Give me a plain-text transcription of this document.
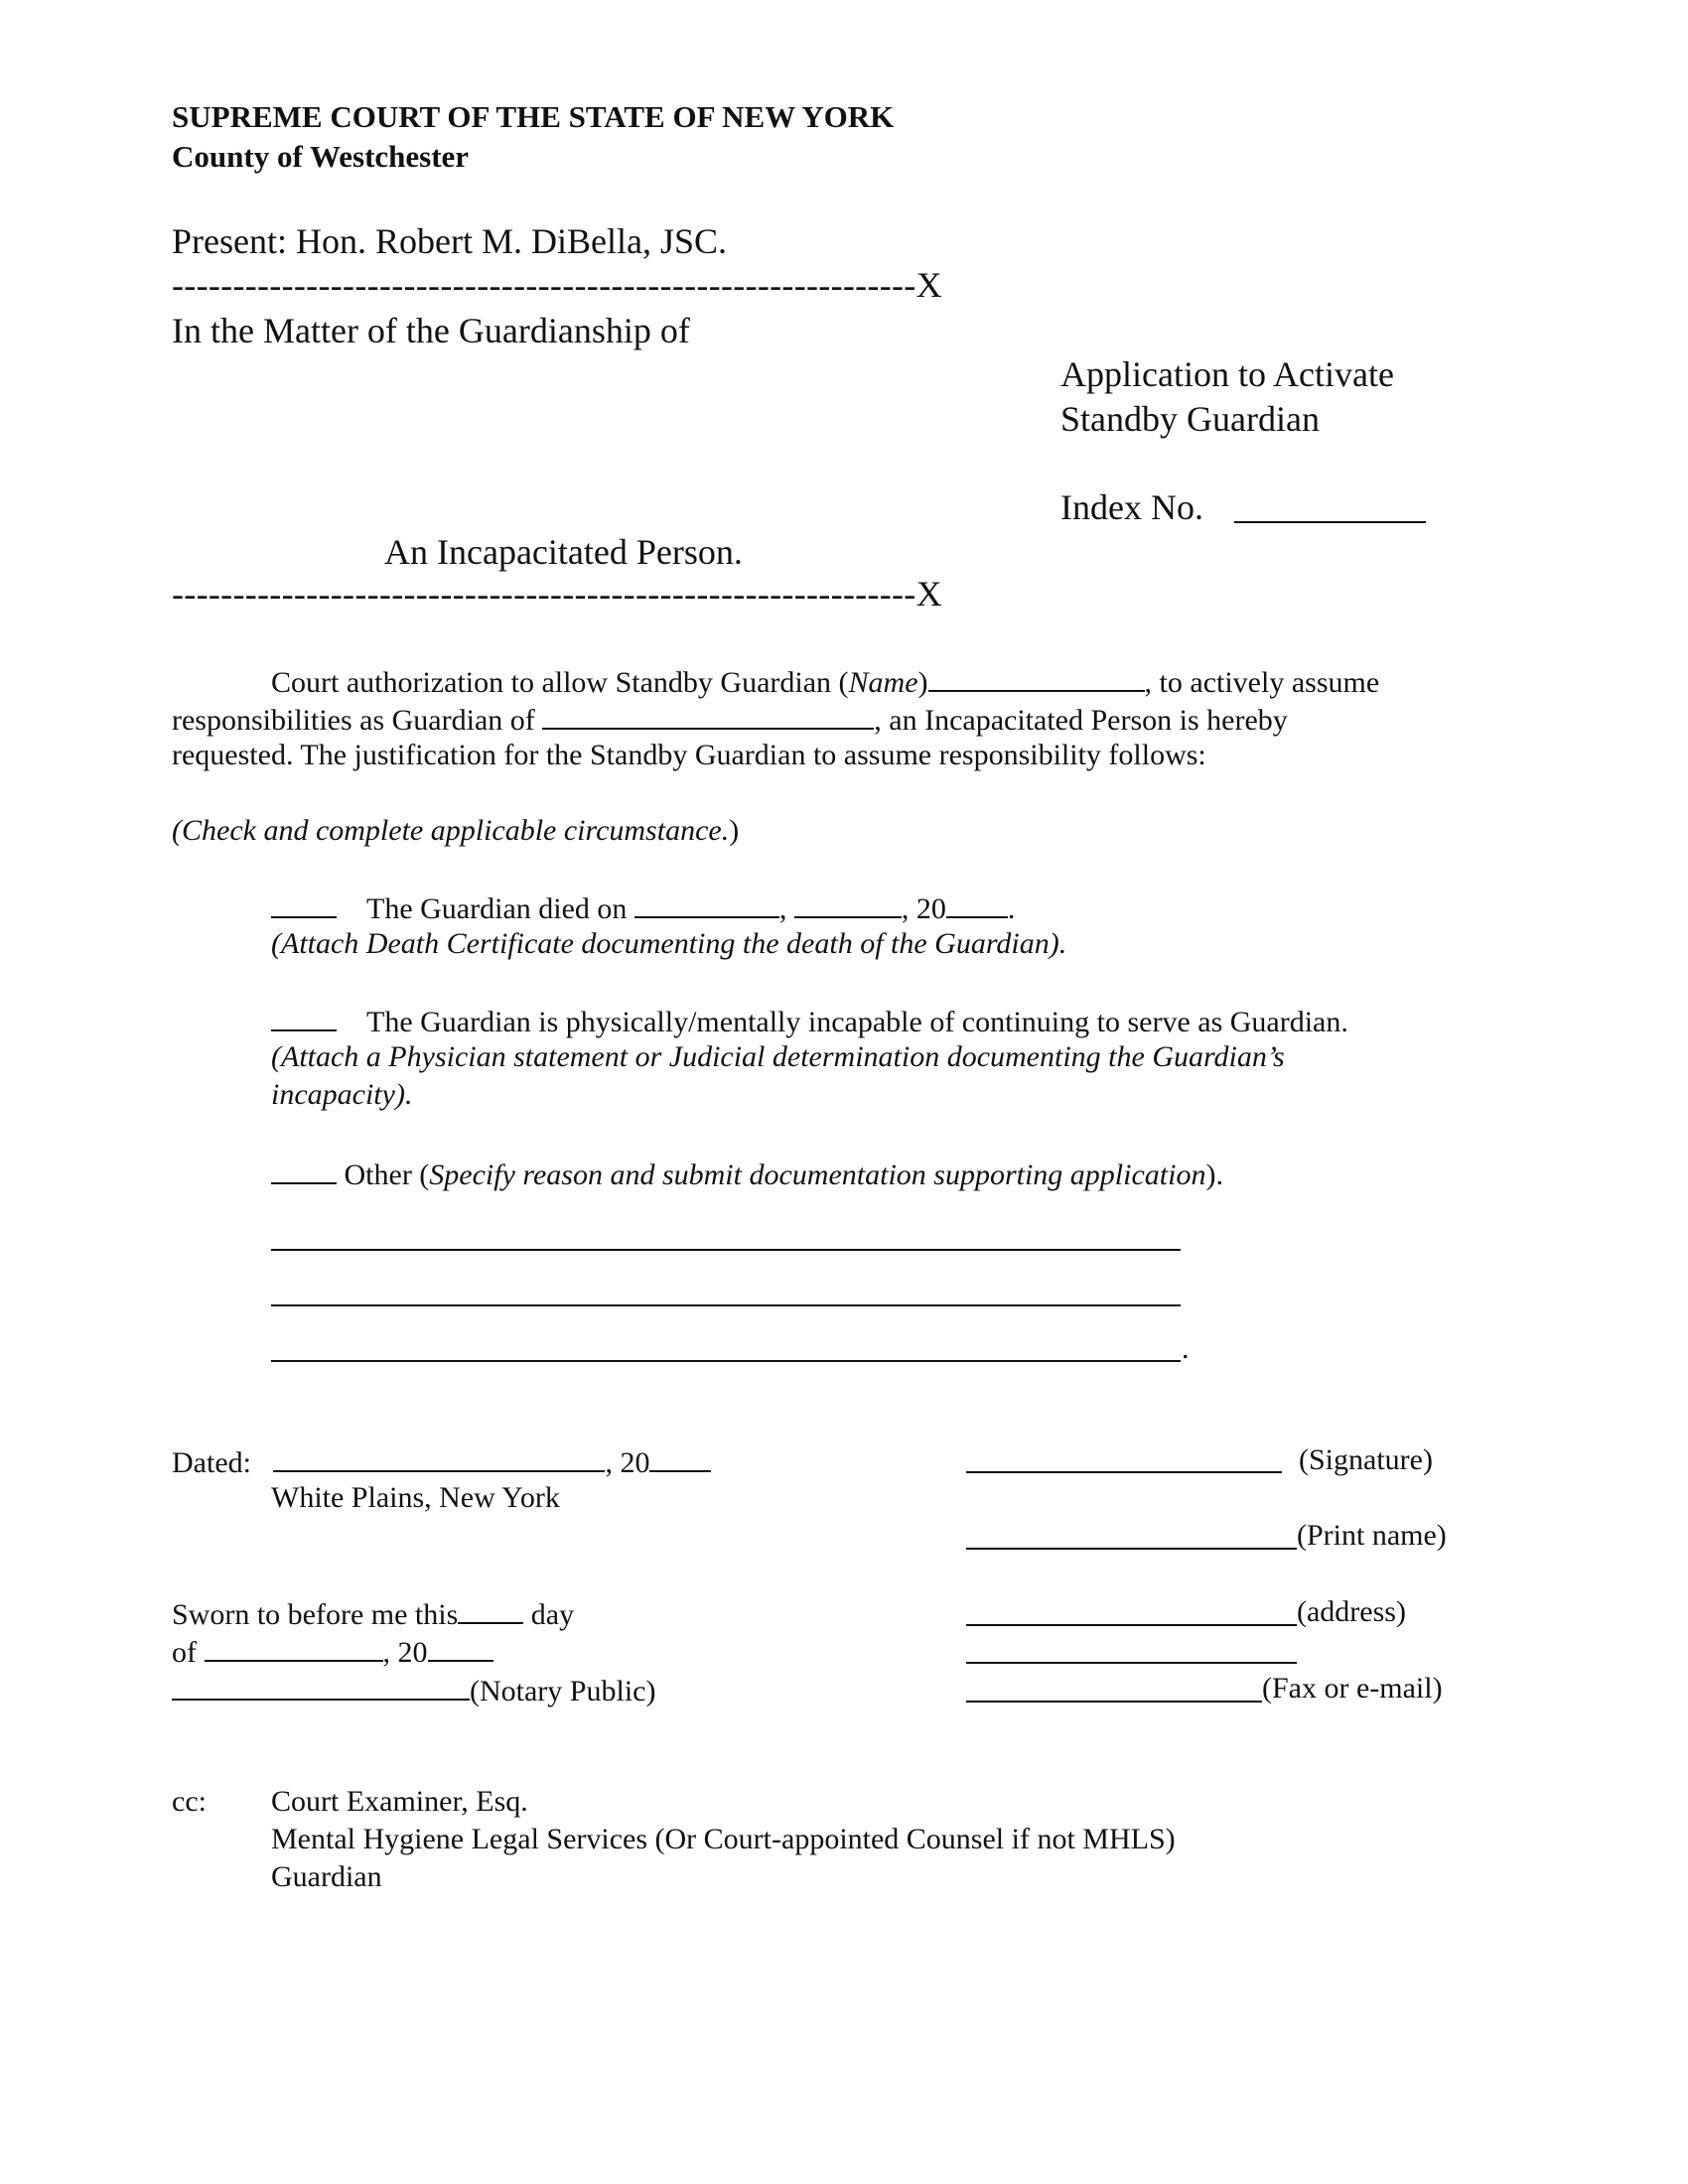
SUPREME COURT OF THE STATE OF NEW YORK
County of Westchester
Present: Hon. Robert M. DiBella, JSC.
-------------------------------------------------------------X
In the Matter of the Guardianship of
Application to Activate
Standby Guardian
Index No.
An Incapacitated Person.
-------------------------------------------------------------X
Court authorization to allow Standby Guardian (Name)	, to actively assume
responsibilities as Guardian of	, an Incapacitated Person is hereby
requested. The justification for the Standby Guardian to assume responsibility follows:
(Check and complete applicable circumstance.)
The Guardian died on	,	, 20 .
(Attach Death Certificate documenting the death of the Guardian).
The Guardian is physically/mentally incapable of continuing to serve as Guardian.
(Attach a Physician statement or Judicial determination documenting the Guardian’s
incapacity).
Other (Specify reason and submit documentation supporting application).
.
Dated:	, 20
White Plains, New York
(Signature)
(Print name)
(address)
(Fax or e-mail)
Sworn to before me this day
of	, 20
(Notary Public)
cc: Court Examiner, Esq.
Mental Hygiene Legal Services (Or Court-appointed Counsel if not MHLS)
Guardian
